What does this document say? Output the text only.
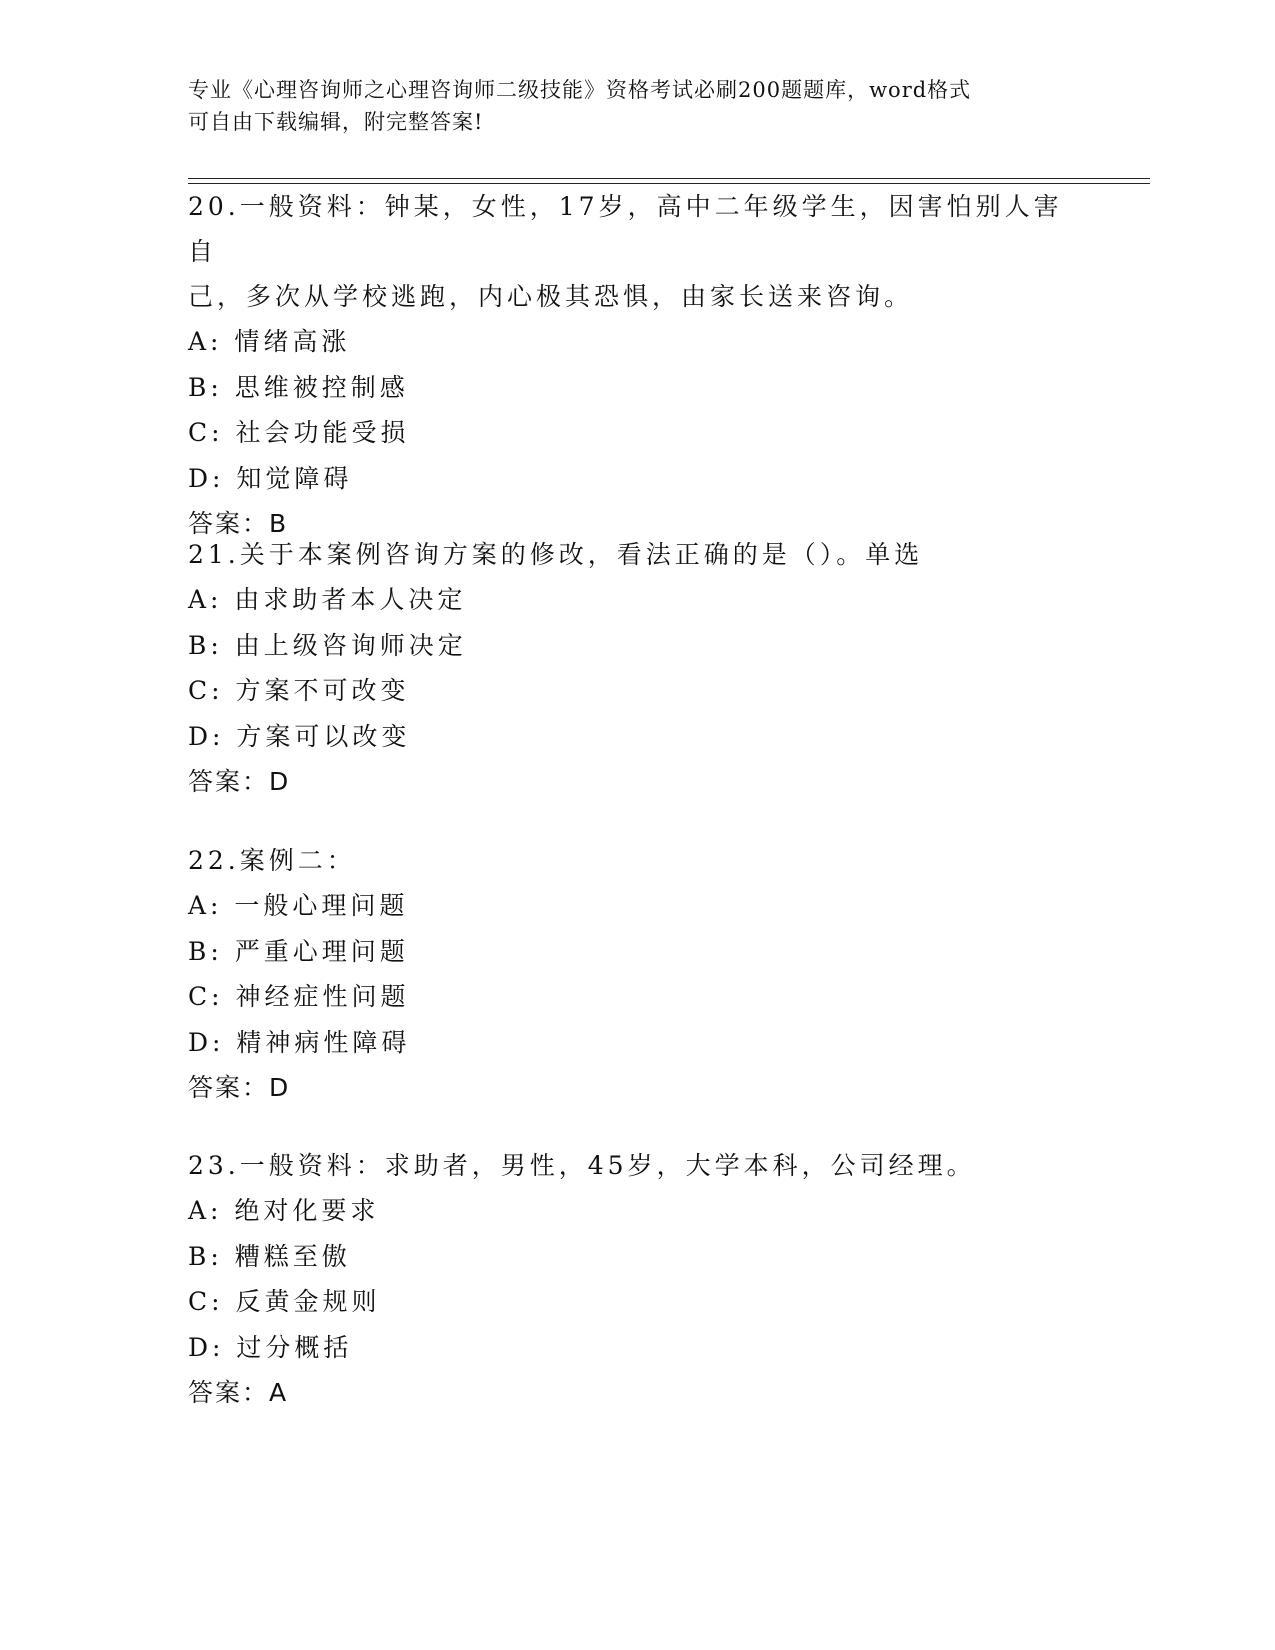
专业《心理咨询师之心理咨询师二级技能》资格考试必刷200题题库，word格式
可自由下载编辑，附完整答案!
20.一般资料：钟某，女性，17岁，高中二年级学生，因害怕别人害自
己，多次从学校逃跑，内心极其恐惧，由家长送来咨询。
A: 情绪高涨
B: 思维被控制感
C: 社会功能受损
D: 知觉障碍
答案：B
21.关于本案例咨询方案的修改，看法正确的是（）。单选
A: 由求助者本人决定
B: 由上级咨询师决定
C: 方案不可改变
D: 方案可以改变
答案：D
22.案例二：
A: 一般心理问题
B: 严重心理问题
C: 神经症性问题
D: 精神病性障碍
答案：D
23.一般资料：求助者，男性，45岁，大学本科，公司经理。
A: 绝对化要求
B: 糟糕至傲
C: 反黄金规则
D: 过分概括
答案：A
